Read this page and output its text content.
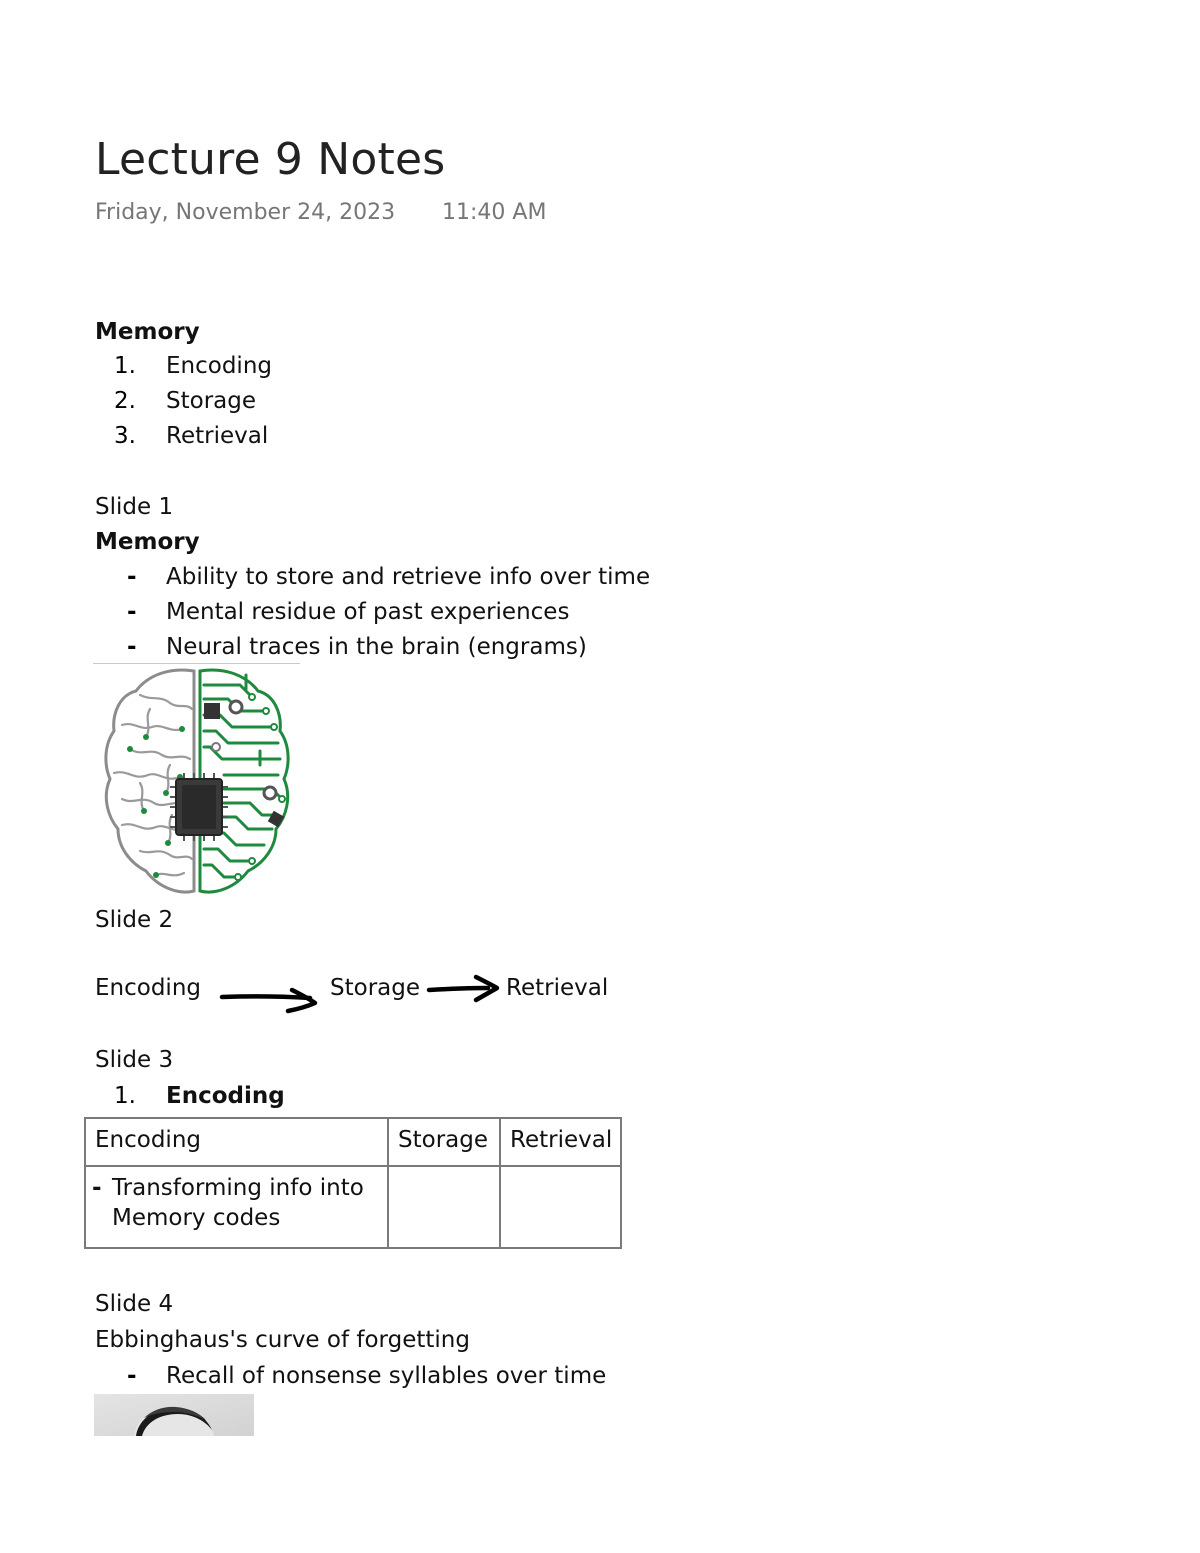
Lecture 9 Notes
Friday, November 24, 2023 11:40 AM
Memory
1. Encoding
2. Storage
3. Retrieval
Slide 1
Memory
- Ability to store and retrieve info over time
- Mental residue of past experiences
- Neural traces in the brain (engrams)
Slide 2
Encoding	Storage	Retrieval
Slide 3
1. Encoding
Encoding	Storage	Retrieval

- Transforming info into
Memory codes		

Slide 4
Ebbinghaus's curve of forgetting
- Recall of nonsense syllables over time
